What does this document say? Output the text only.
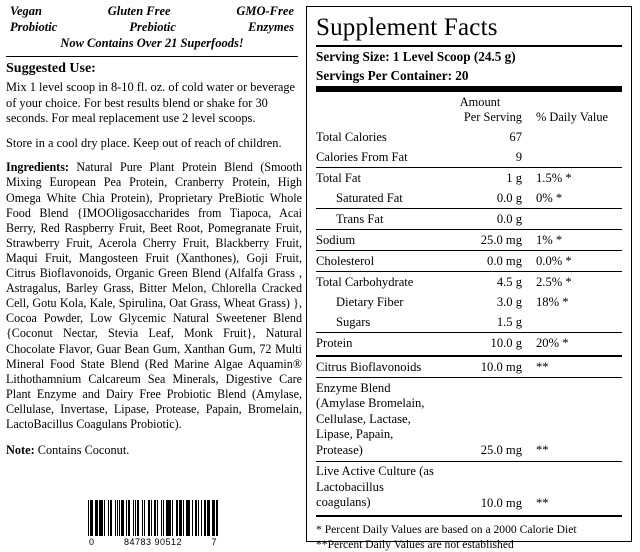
Vegan	Gluten Free	GMO-Free
Probiotic	Prebiotic	Enzymes
Now Contains Over 21 Superfoods!
Suggested Use:
Mix 1 level scoop in 8-10 fl. oz. of cold water or beverage of your choice. For best results blend or shake for 30 seconds. For meal replacement use 2 level scoops.
Store in a cool dry place. Keep out of reach of children.
Ingredients: Natural Pure Plant Protein Blend (Smooth Mixing European Pea Protein, Cranberry Protein, High Omega White Chia Protein), Proprietary PreBiotic Whole Food Blend {IMOOligosaccharides from Tiapoca, Acai Berry, Red Raspberry Fruit, Beet Root, Pomegranate Fruit, Strawberry Fruit, Acerola Cherry Fruit, Blackberry Fruit, Maqui Fruit, Mangosteen Fruit (Xanthones), Goji Fruit, Citrus Bioflavonoids, Organic Green Blend (Alfalfa Grass , Astragalus, Barley Grass, Bitter Melon, Chlorella Cracked Cell, Gotu Kola, Kale, Spirulina, Oat Grass, Wheat Grass) }, Cocoa Powder, Low Glycemic Natural Sweetener Blend {Coconut Nectar, Stevia Leaf, Monk Fruit}, Natural Chocolate Flavor, Guar Bean Gum, Xanthan Gum, 72 Multi Mineral Food State Blend (Red Marine Algae Aquamin® Lithothamnium Calcareum Sea Minerals, Digestive Care Plant Enzyme and Dairy Free Probiotic Blend (Amylase, Cellulase, Invertase, Lipase, Protease, Papain, Bromelain, LactoBacillus Coagulans Probiotic).
Note: Contains Coconut.
0	84783 90512	7
Supplement Facts
Serving Size: 1 Level Scoop (24.5 g)
Servings Per Container: 20
	Amount	
	Per Serving	% Daily Value
Total Calories	67	
Calories From Fat	9	
Total Fat	1 g	1.5% *
Saturated Fat	0.0 g	0% *
Trans Fat	0.0 g	
Sodium	25.0 mg	1% *
Cholesterol	0.0 mg	0.0% *
Total Carbohydrate	4.5 g	2.5% *
Dietary Fiber	3.0 g	18% *
Sugars	1.5 g	
Protein	10.0 g	20% *
Citrus Bioflavonoids	10.0 mg	**
Enzyme Blend (Amylase Bromelain, Cellulase, Lactase, Lipase, Papain, Protease)	25.0 mg	**
Live Active Culture (as Lactobacillus coagulans)	10.0 mg	**
* Percent Daily Values are based on a 2000 Calorie Diet
**Percent Daily Values are not established
